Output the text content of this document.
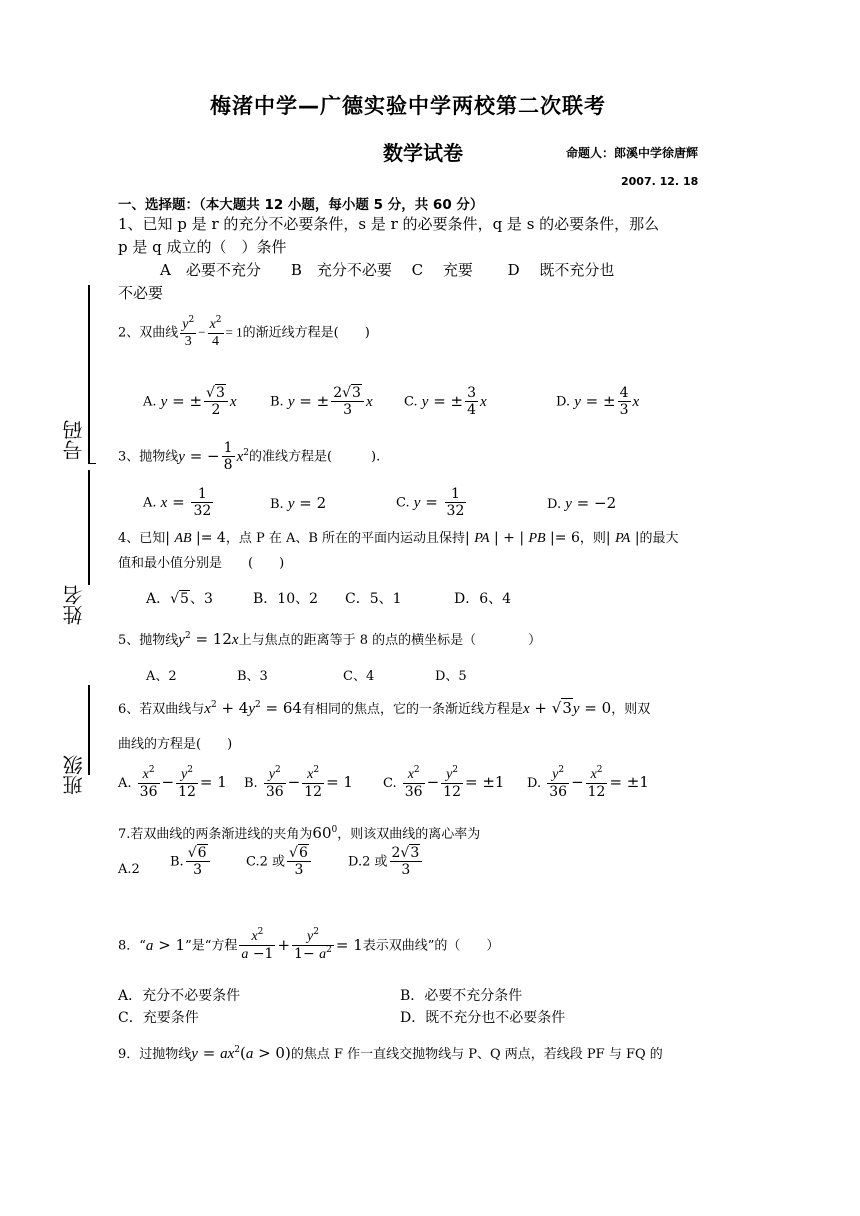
梅渚中学—广德实验中学两校第二次联考
数学试卷	命题人：郎溪中学徐唐辉
2007. 12. 18
号码
姓名
班级
一、选择题：（本大题共 12 小题，每小题 5 分，共 60 分）
1、已知 p 是 r 的充分不必要条件，s 是 r 的必要条件，q 是 s 的必要条件，那么
p 是 q 成立的（　）条件
A　必要不充分　　B　充分不必要　 C　 充要　　 D　 既不充分也
不必要
2、双曲线 $\frac{y^2}{3} - \frac{x^2}{4} = 1$的渐近线方程是(　　)
A. y = ± $\frac{√3}{2}$ x	B. y = ± $\frac{2√3}{3}$ x C. y = ± $\frac{3}{4}$ x	D. y = ± $\frac{4}{3}$ x
3、抛物线y = − $\frac{1}{8} x^2$的准线方程是(　　　).
A. $x = \frac{1}{32}$	B. y = 2	C. $y = \frac{1}{32}$	D. y = −2
4、已知| AB |= 4，点 P 在 A、B 所在的平面内运动且保持| PA | + | PB |= 6，则| PA |的最大
值和最小值分别是　　(　　)
A．√5、3	B．10、2 C．5、1	D．6、4
5、抛物线$y^2 = 12x$上与焦点的距离等于 8 的点的横坐标是（　　　　）
A、2	B、3	C、4	D、5
6、若双曲线与$x^2 + 4y^2 = 64$有相同的焦点，它的一条渐近线方程是x + √3y = 0，则双
曲线的方程是(　　)
A. $\frac{x^2}{36} - \frac{y^2}{12} = 1$ B. $\frac{y^2}{36} - \frac{x^2}{12} = 1$ C. $\frac{x^2}{36} - \frac{y^2}{12} = \pm 1$ D. $\frac{y^2}{36} - \frac{x^2}{12} = \pm 1$
7.若双曲线的两条渐进线的夹角为$60^0$，则该双曲线的离心率为
A.2 B. $\frac{√6}{3}$	C.2 或 $\frac{√6}{3}$	D.2 或 $\frac{2√3}{3}$
8．“a > 1”是“方程 $\frac{x^2}{a -1} + \frac{y^2}{1- a^2} = 1$表示双曲线”的（　　）
A．充分不必要条件	B．必要不充分条件
C．充要条件	D．既不充分也不必要条件
9．过抛物线$y = ax^2(a > 0)$的焦点 F 作一直线交抛物线与 P、Q 两点，若线段 PF 与 FQ 的
